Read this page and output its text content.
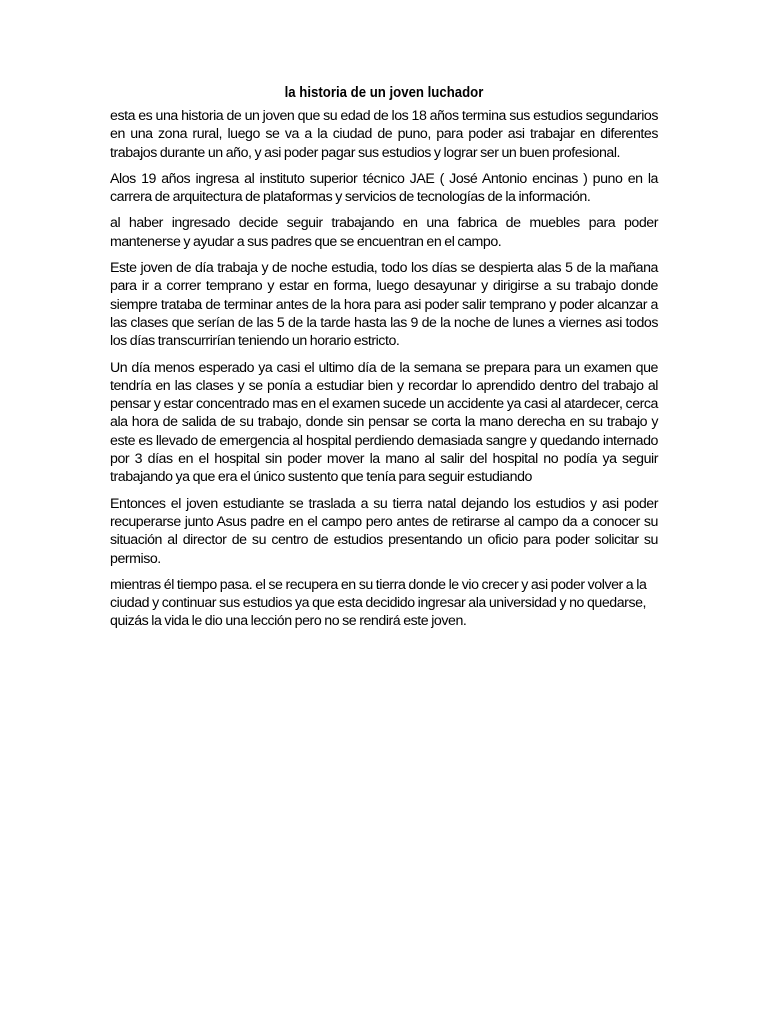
la historia de un joven luchador

esta es una historia de un joven que su edad de los 18 años termina sus estudios segundarios en una zona rural, luego se va a la ciudad de puno, para poder asi trabajar en diferentes trabajos durante un año, y asi poder pagar sus estudios y lograr ser un buen profesional.

Alos 19 años ingresa al instituto superior técnico JAE ( José Antonio encinas ) puno en la carrera de arquitectura de plataformas y servicios de tecnologías de la información.

al haber ingresado decide seguir trabajando en una fabrica de muebles para poder mantenerse y ayudar a sus padres que se encuentran en el campo.

Este joven de día trabaja y de noche estudia, todo los días se despierta alas 5 de la mañana para ir a correr temprano y estar en forma, luego desayunar y dirigirse a su trabajo donde siempre trataba de terminar antes de la hora para asi poder salir temprano y poder alcanzar a las clases que serían de las 5 de la tarde hasta las 9 de la noche de lunes a viernes asi todos los días transcurrirían teniendo un horario estricto.

Un día menos esperado ya casi el ultimo día de la semana se prepara para un examen que tendría en las clases y se ponía a estudiar bien y recordar lo aprendido dentro del trabajo al pensar y estar concentrado mas en el examen sucede un accidente ya casi al atardecer, cerca ala hora de salida de su trabajo, donde sin pensar se corta la mano derecha en su trabajo y este es llevado de emergencia al hospital perdiendo demasiada sangre y quedando internado por 3 días en el hospital sin poder mover la mano al salir del hospital no podía ya seguir trabajando ya que era el único sustento que tenía para seguir estudiando

Entonces el joven estudiante se traslada a su tierra natal dejando los estudios y asi poder recuperarse junto Asus padre en el campo pero antes de retirarse al campo da a conocer su situación al director de su centro de estudios presentando un oficio para poder solicitar su permiso.

mientras él tiempo pasa. el se recupera en su tierra donde le vio crecer y asi poder volver a la ciudad y continuar sus estudios ya que esta decidido ingresar ala universidad y no quedarse, quizás la vida le dio una lección pero no se rendirá este joven.
